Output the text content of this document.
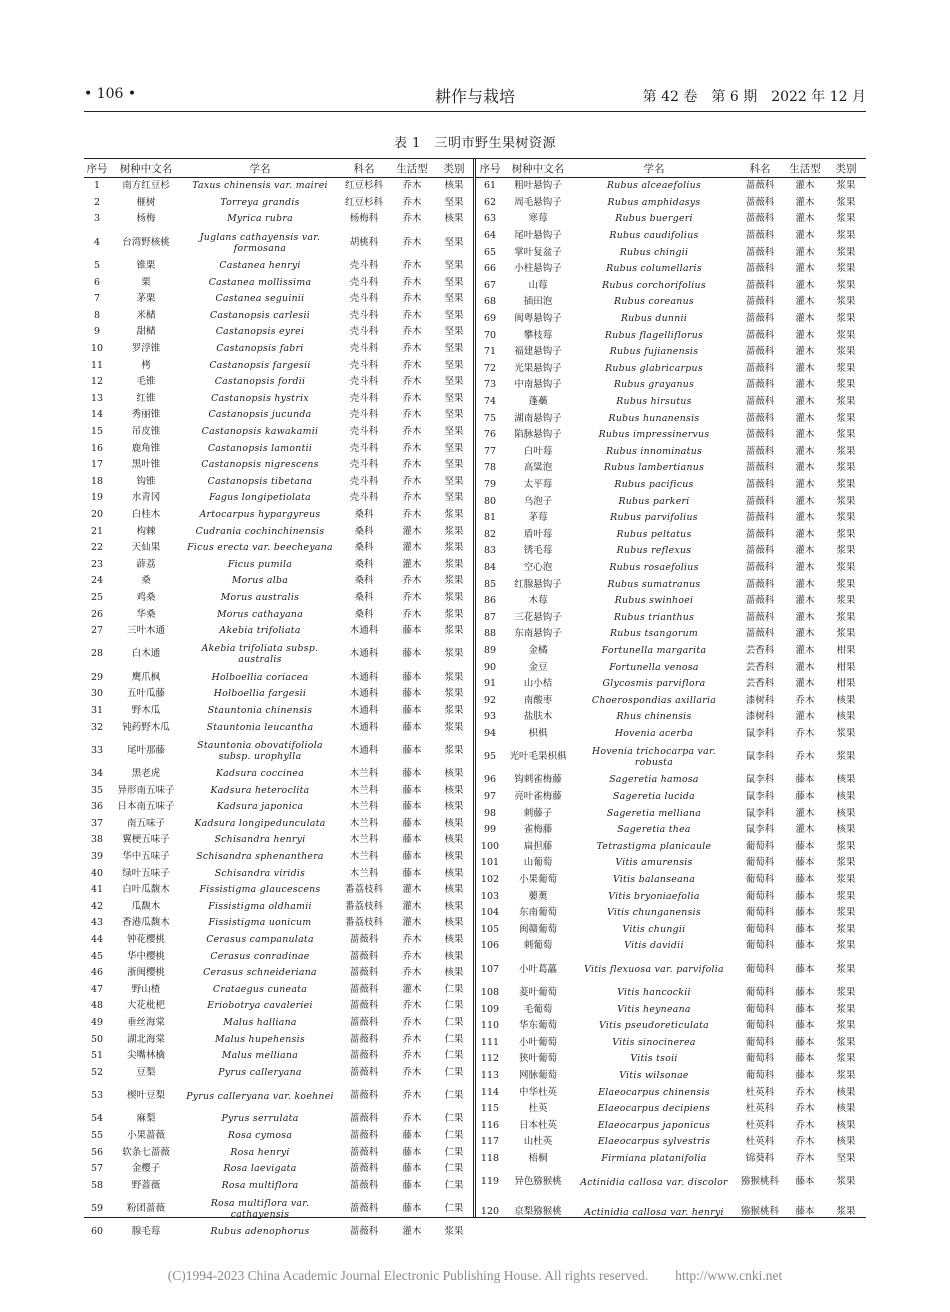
• 106 •	耕作与栽培	第 42 卷　第 6 期　2022 年 12 月
表 1　三明市野生果树资源
序号	树种中文名	学名	科名	生活型	类别
1	南方红豆杉	Taxus chinensis var. mairei	红豆杉科	乔木	核果
2	榧树	Torreya grandis	红豆杉科	乔木	坚果
3	杨梅	Myrica rubra	杨梅科	乔木	核果
4	台湾野核桃	Juglans cathayensis var. formosana	胡桃科	乔木	坚果
5	锥栗	Castanea henryi	壳斗科	乔木	坚果
6	栗	Castanea mollissima	壳斗科	乔木	坚果
7	茅栗	Castanea seguinii	壳斗科	乔木	坚果
8	米槠	Castanopsis carlesii	壳斗科	乔木	坚果
9	甜槠	Castanopsis eyrei	壳斗科	乔木	坚果
10	罗浮锥	Castanopsis fabri	壳斗科	乔木	坚果
11	栲	Castanopsis fargesii	壳斗科	乔木	坚果
12	毛锥	Castanopsis fordii	壳斗科	乔木	坚果
13	红锥	Castanopsis hystrix	壳斗科	乔木	坚果
14	秀丽锥	Castanopsis jucunda	壳斗科	乔木	坚果
15	吊皮锥	Castanopsis kawakamii	壳斗科	乔木	坚果
16	鹿角锥	Castanopsis lamontii	壳斗科	乔木	坚果
17	黑叶锥	Castanopsis nigrescens	壳斗科	乔木	坚果
18	钩锥	Castanopsis tibetana	壳斗科	乔木	坚果
19	水青冈	Fagus longipetiolata	壳斗科	乔木	坚果
20	白桂木	Artocarpus hypargyreus	桑科	乔木	浆果
21	构棘	Cudrania cochinchinensis	桑科	灌木	浆果
22	天仙果	Ficus erecta var. beecheyana	桑科	灌木	浆果
23	薜荔	Ficus pumila	桑科	灌木	浆果
24	桑	Morus alba	桑科	乔木	浆果
25	鸡桑	Morus australis	桑科	乔木	浆果
26	华桑	Morus cathayana	桑科	乔木	浆果
27	三叶木通	Akebia trifoliata	木通科	藤本	浆果
28	白木通	Akebia trifoliata subsp. australis	木通科	藤本	浆果
29	鹰爪枫	Holboellia coriacea	木通科	藤本	浆果
30	五叶瓜藤	Holboellia fargesii	木通科	藤本	浆果
31	野木瓜	Stauntonia chinensis	木通科	藤本	浆果
32	钝药野木瓜	Stauntonia leucantha	木通科	藤本	浆果
33	尾叶那藤	Stauntonia obovatifoliola subsp. urophylla	木通科	藤本	浆果
34	黑老虎	Kadsura coccinea	木兰科	藤本	核果
35	异形南五味子	Kadsura heteroclita	木兰科	藤本	核果
36	日本南五味子	Kadsura japonica	木兰科	藤本	核果
37	南五味子	Kadsura longipedunculata	木兰科	藤本	核果
38	翼梗五味子	Schisandra henryi	木兰科	藤本	核果
39	华中五味子	Schisandra sphenanthera	木兰科	藤本	核果
40	绿叶五味子	Schisandra viridis	木兰科	藤本	核果
41	白叶瓜馥木	Fissistigma glaucescens	番荔枝科	灌木	核果
42	瓜馥木	Fissistigma oldhamii	番荔枝科	灌木	核果
43	香港瓜馥木	Fissistigma uonicum	番荔枝科	灌木	核果
44	钟花樱桃	Cerasus campanulata	蔷薇科	乔木	核果
45	华中樱桃	Cerasus conradinae	蔷薇科	乔木	核果
46	浙闽樱桃	Cerasus schneideriana	蔷薇科	乔木	核果
47	野山楂	Crataegus cuneata	蔷薇科	灌木	仁果
48	大花枇杷	Eriobotrya cavaleriei	蔷薇科	乔木	仁果
49	垂丝海棠	Malus halliana	蔷薇科	乔木	仁果
50	湖北海棠	Malus hupehensis	蔷薇科	乔木	仁果
51	尖嘴林檎	Malus melliana	蔷薇科	乔木	仁果
52	豆梨	Pyrus calleryana	蔷薇科	乔木	仁果
53	楔叶豆梨	Pyrus calleryana var. koehnei	蔷薇科	乔木	仁果
54	麻梨	Pyrus serrulata	蔷薇科	乔木	仁果
55	小果蔷薇	Rosa cymosa	蔷薇科	藤本	仁果
56	软条七蔷薇	Rosa henryi	蔷薇科	藤本	仁果
57	金樱子	Rosa laevigata	蔷薇科	藤本	仁果
58	野蔷薇	Rosa multiflora	蔷薇科	藤本	仁果
59	粉团蔷薇	Rosa multiflora var. cathayensis	蔷薇科	藤本	仁果
60	腺毛莓	Rubus adenophorus	蔷薇科	灌木	浆果
序号	树种中文名	学名	科名	生活型	类别
61	粗叶悬钩子	Rubus alceaefolius	蔷薇科	灌木	浆果
62	周毛悬钩子	Rubus amphidasys	蔷薇科	灌木	浆果
63	寒莓	Rubus buergeri	蔷薇科	灌木	浆果
64	尾叶悬钩子	Rubus caudifolius	蔷薇科	灌木	浆果
65	掌叶复盆子	Rubus chingii	蔷薇科	灌木	浆果
66	小柱悬钩子	Rubus columellaris	蔷薇科	灌木	浆果
67	山莓	Rubus corchorifolius	蔷薇科	灌木	浆果
68	插田泡	Rubus coreanus	蔷薇科	灌木	浆果
69	闽粤悬钩子	Rubus dunnii	蔷薇科	灌木	浆果
70	攀枝莓	Rubus flagelliflorus	蔷薇科	灌木	浆果
71	福建悬钩子	Rubus fujianensis	蔷薇科	灌木	浆果
72	光果悬钩子	Rubus glabricarpus	蔷薇科	灌木	浆果
73	中南悬钩子	Rubus grayanus	蔷薇科	灌木	浆果
74	蓬蘽	Rubus hirsutus	蔷薇科	灌木	浆果
75	湖南悬钩子	Rubus hunanensis	蔷薇科	灌木	浆果
76	陷脉悬钩子	Rubus impressinervus	蔷薇科	灌木	浆果
77	白叶莓	Rubus innominatus	蔷薇科	灌木	浆果
78	高粱泡	Rubus lambertianus	蔷薇科	灌木	浆果
79	太平莓	Rubus pacificus	蔷薇科	灌木	浆果
80	乌泡子	Rubus parkeri	蔷薇科	灌木	浆果
81	茅莓	Rubus parvifolius	蔷薇科	灌木	浆果
82	盾叶莓	Rubus peltatus	蔷薇科	灌木	浆果
83	锈毛莓	Rubus reflexus	蔷薇科	灌木	浆果
84	空心泡	Rubus rosaefolius	蔷薇科	灌木	浆果
85	红腺悬钩子	Rubus sumatranus	蔷薇科	灌木	浆果
86	木莓	Rubus swinhoei	蔷薇科	灌木	浆果
87	三花悬钩子	Rubus trianthus	蔷薇科	灌木	浆果
88	东南悬钩子	Rubus tsangorum	蔷薇科	灌木	浆果
89	金橘	Fortunella margarita	芸香科	灌木	柑果
90	金豆	Fortunella venosa	芸香科	灌木	柑果
91	山小桔	Glycosmis parviflora	芸香科	灌木	柑果
92	南酸枣	Choerospondias axillaria	漆树科	乔木	核果
93	盐肤木	Rhus chinensis	漆树科	灌木	核果
94	枳椇	Hovenia acerba	鼠李科	乔木	浆果
95	光叶毛果枳椇	Hovenia trichocarpa var. robusta	鼠李科	乔木	浆果
96	钩刺雀梅藤	Sageretia hamosa	鼠李科	藤本	核果
97	亮叶雀梅藤	Sageretia lucida	鼠李科	藤本	核果
98	刺藤子	Sageretia melliana	鼠李科	灌木	核果
99	雀梅藤	Sageretia thea	鼠李科	灌木	核果
100	扁担藤	Tetrastigma planicaule	葡萄科	藤本	浆果
101	山葡萄	Vitis amurensis	葡萄科	藤本	浆果
102	小果葡萄	Vitis balanseana	葡萄科	藤本	浆果
103	蘡薁	Vitis bryoniaefolia	葡萄科	藤本	浆果
104	东南葡萄	Vitis chunganensis	葡萄科	藤本	浆果
105	闽赣葡萄	Vitis chungii	葡萄科	藤本	浆果
106	刺葡萄	Vitis davidii	葡萄科	藤本	浆果
107	小叶葛藟	Vitis flexuosa var. parvifolia	葡萄科	藤本	浆果
108	菱叶葡萄	Vitis hancockii	葡萄科	藤本	浆果
109	毛葡萄	Vitis heyneana	葡萄科	藤本	浆果
110	华东葡萄	Vitis pseudoreticulata	葡萄科	藤本	浆果
111	小叶葡萄	Vitis sinocinerea	葡萄科	藤本	浆果
112	狭叶葡萄	Vitis tsoii	葡萄科	藤本	浆果
113	网脉葡萄	Vitis wilsonae	葡萄科	藤本	浆果
114	中华杜英	Elaeocarpus chinensis	杜英科	乔木	核果
115	杜英	Elaeocarpus decipiens	杜英科	乔木	核果
116	日本杜英	Elaeocarpus japonicus	杜英科	乔木	核果
117	山杜英	Elaeocarpus sylvestris	杜英科	乔木	核果
118	梧桐	Firmiana platanifolia	锦葵科	乔木	坚果
119	异色猕猴桃	Actinidia callosa var. discolor	猕猴桃科	藤本	浆果
120	京梨猕猴桃	Actinidia callosa var. henryi	猕猴桃科	藤本	浆果
(C)1994-2023 China Academic Journal Electronic Publishing House. All rights reserved.　　http://www.cnki.net
